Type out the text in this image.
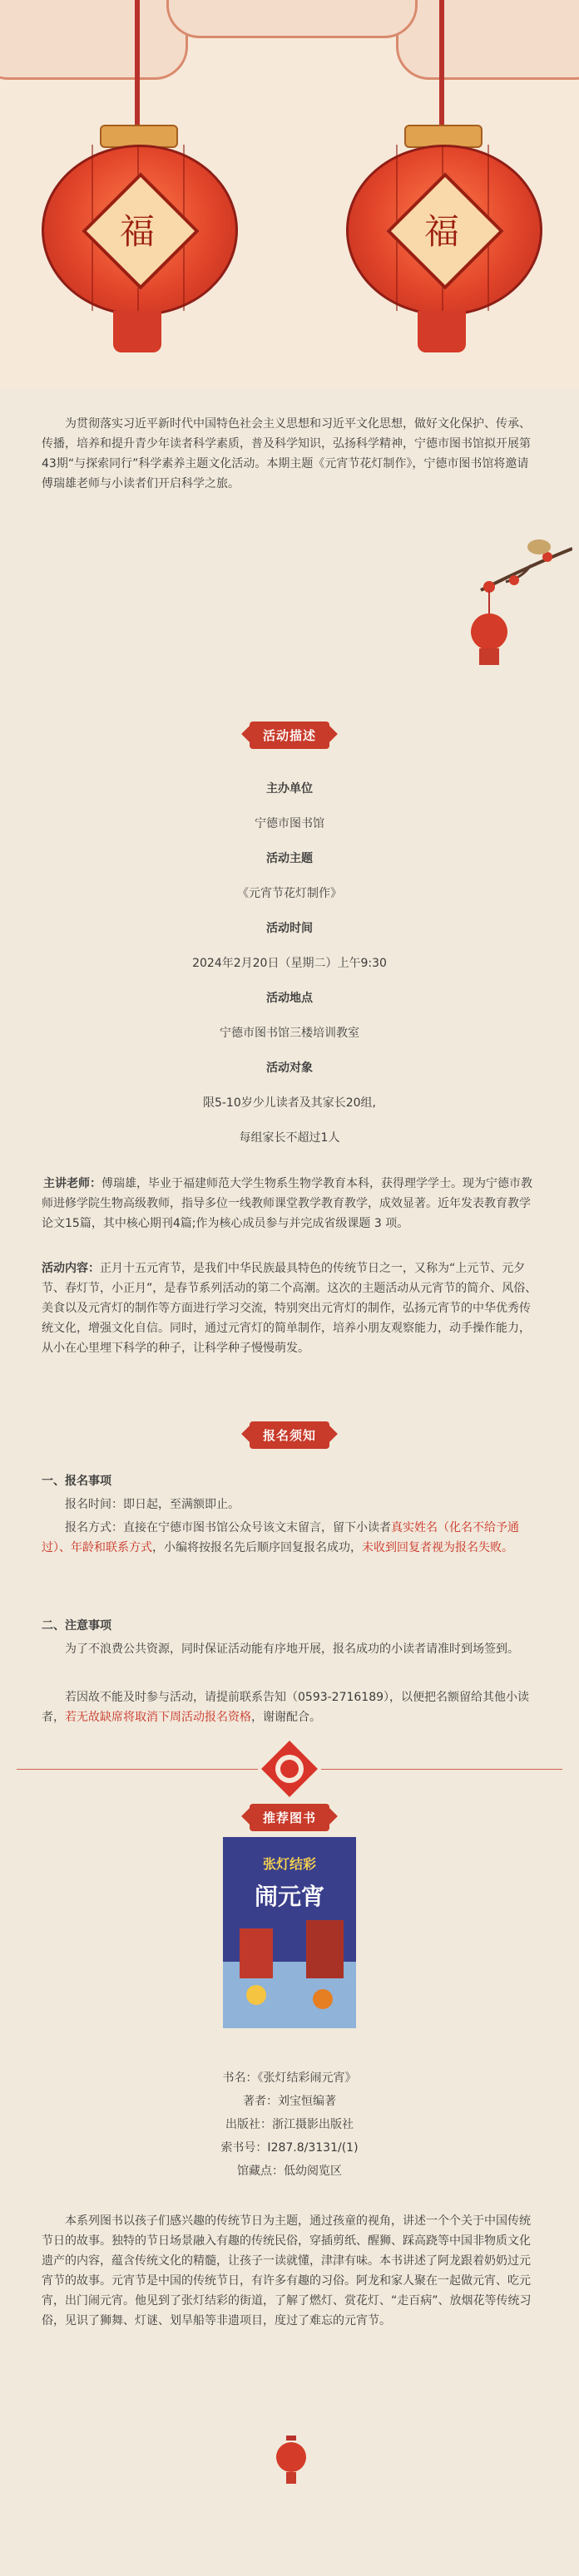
福	福
为贯彻落实习近平新时代中国特色社会主义思想和习近平文化思想，做好文化保护、传承、传播，培养和提升青少年读者科学素质，普及科学知识，弘扬科学精神，宁德市图书馆拟开展第43期“与探索同行”科学素养主题文化活动。本期主题《元宵节花灯制作》，宁德市图书馆将邀请傅瑞雄老师与小读者们开启科学之旅。
活动描述
主办单位
宁德市图书馆
活动主题
《元宵节花灯制作》
活动时间
2024年2月20日（星期二）上午9:30
活动地点
宁德市图书馆三楼培训教室
活动对象
限5-10岁少儿读者及其家长20组,
每组家长不超过1人
主讲老师：傅瑞雄，毕业于福建师范大学生物系生物学教育本科，获得理学学士。现为宁德市教师进修学院生物高级教师，指导多位一线教师课堂教学教育教学，成效显著。近年发表教育教学论文15篇，其中核心期刊4篇;作为核心成员参与并完成省级课题 3 项。
活动内容：正月十五元宵节，是我们中华民族最具特色的传统节日之一，又称为“上元节、元夕节、春灯节，小正月”，是春节系列活动的第二个高潮。这次的主题活动从元宵节的简介、风俗、美食以及元宵灯的制作等方面进行学习交流，特别突出元宵灯的制作，弘扬元宵节的中华优秀传统文化，增强文化自信。同时，通过元宵灯的简单制作，培养小朋友观察能力，动手操作能力，从小在心里埋下科学的种子，让科学种子慢慢萌发。
报名须知
一、报名事项
报名时间：即日起，至满额即止。
报名方式：直接在宁德市图书馆公众号该文末留言，留下小读者真实姓名（化名不给予通过）、年龄和联系方式，小编将按报名先后顺序回复报名成功，未收到回复者视为报名失败。
二、注意事项
为了不浪费公共资源，同时保证活动能有序地开展，报名成功的小读者请准时到场签到。
若因故不能及时参与活动，请提前联系告知（0593-2716189），以便把名额留给其他小读者，若无故缺席将取消下周活动报名资格，谢谢配合。
推荐图书
张灯结彩
闹元宵
书名：《张灯结彩闹元宵》
著者：刘宝恒编著
出版社：浙江摄影出版社
索书号：I287.8/3131/(1)
馆藏点：低幼阅览区
本系列图书以孩子们感兴趣的传统节日为主题，通过孩童的视角，讲述一个个关于中国传统节日的故事。独特的节日场景融入有趣的传统民俗，穿插剪纸、醒狮、踩高跷等中国非物质文化遗产的内容，蕴含传统文化的精髓，让孩子一读就懂，津津有味。本书讲述了阿龙跟着奶奶过元宵节的故事。元宵节是中国的传统节日，有许多有趣的习俗。阿龙和家人聚在一起做元宵、吃元宵，出门闹元宵。他见到了张灯结彩的街道，了解了燃灯、赏花灯、“走百病”、放烟花等传统习俗，见识了狮舞、灯谜、划旱船等非遗项目，度过了难忘的元宵节。
